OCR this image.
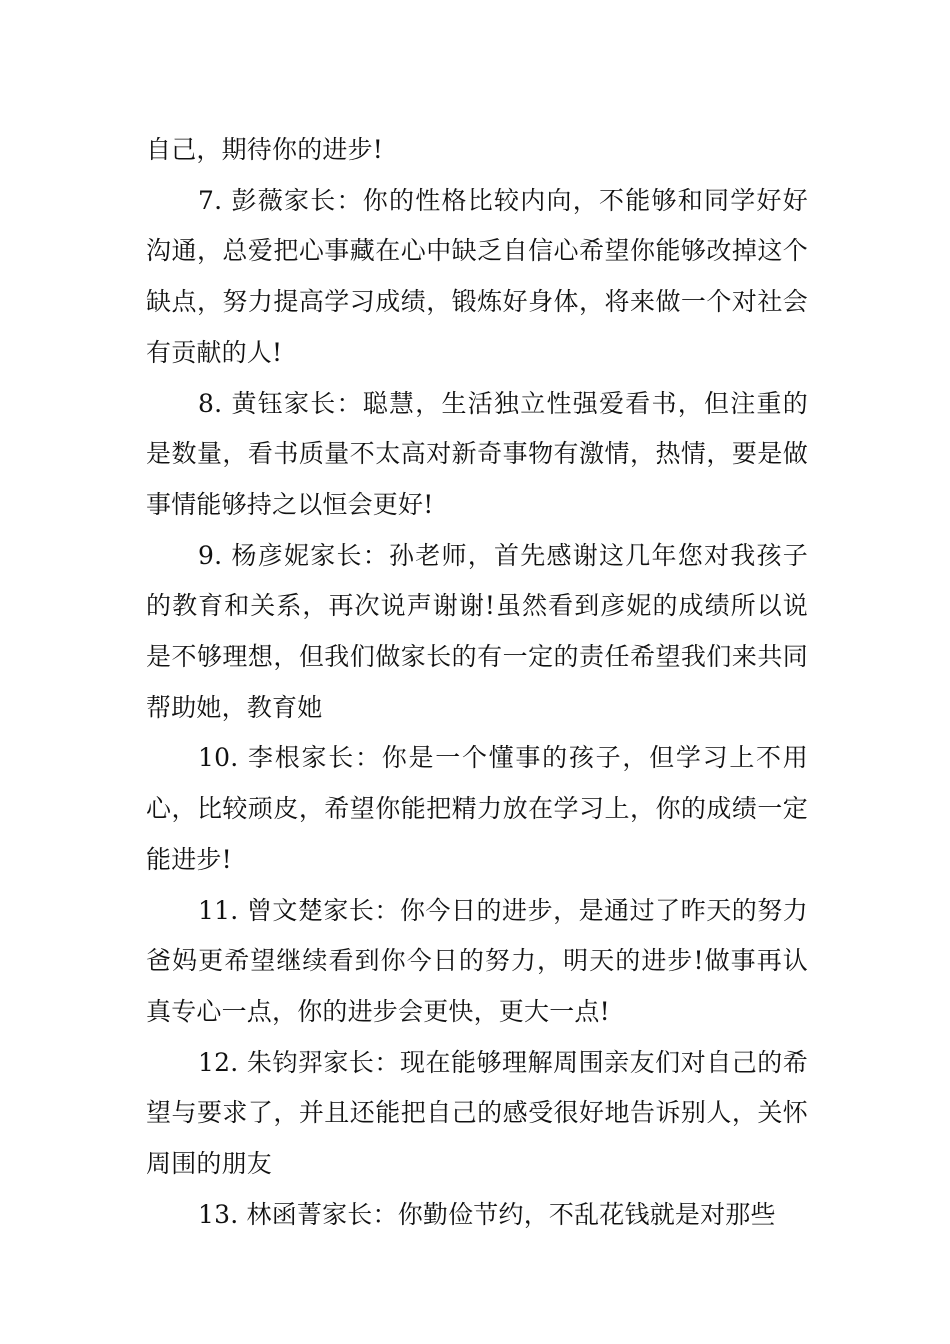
自己，期待你的进步!

7. 彭薇家长：你的性格比较内向，不能够和同学好好沟通，总爱把心事藏在心中缺乏自信心希望你能够改掉这个缺点，努力提高学习成绩，锻炼好身体，将来做一个对社会有贡献的人!

8. 黄钰家长：聪慧，生活独立性强爱看书，但注重的是数量，看书质量不太高对新奇事物有激情，热情，要是做事情能够持之以恒会更好!

9. 杨彦妮家长：孙老师，首先感谢这几年您对我孩子的教育和关系，再次说声谢谢!虽然看到彦妮的成绩所以说是不够理想，但我们做家长的有一定的责任希望我们来共同帮助她，教育她

10. 李根家长：你是一个懂事的孩子，但学习上不用心，比较顽皮，希望你能把精力放在学习上，你的成绩一定能进步!

11. 曾文楚家长：你今日的进步，是通过了昨天的努力爸妈更希望继续看到你今日的努力，明天的进步!做事再认真专心一点，你的进步会更快，更大一点!

12. 朱钧羿家长：现在能够理解周围亲友们对自己的希望与要求了，并且还能把自己的感受很好地告诉别人，关怀周围的朋友

13. 林函菁家长：你勤俭节约，不乱花钱就是对那些
